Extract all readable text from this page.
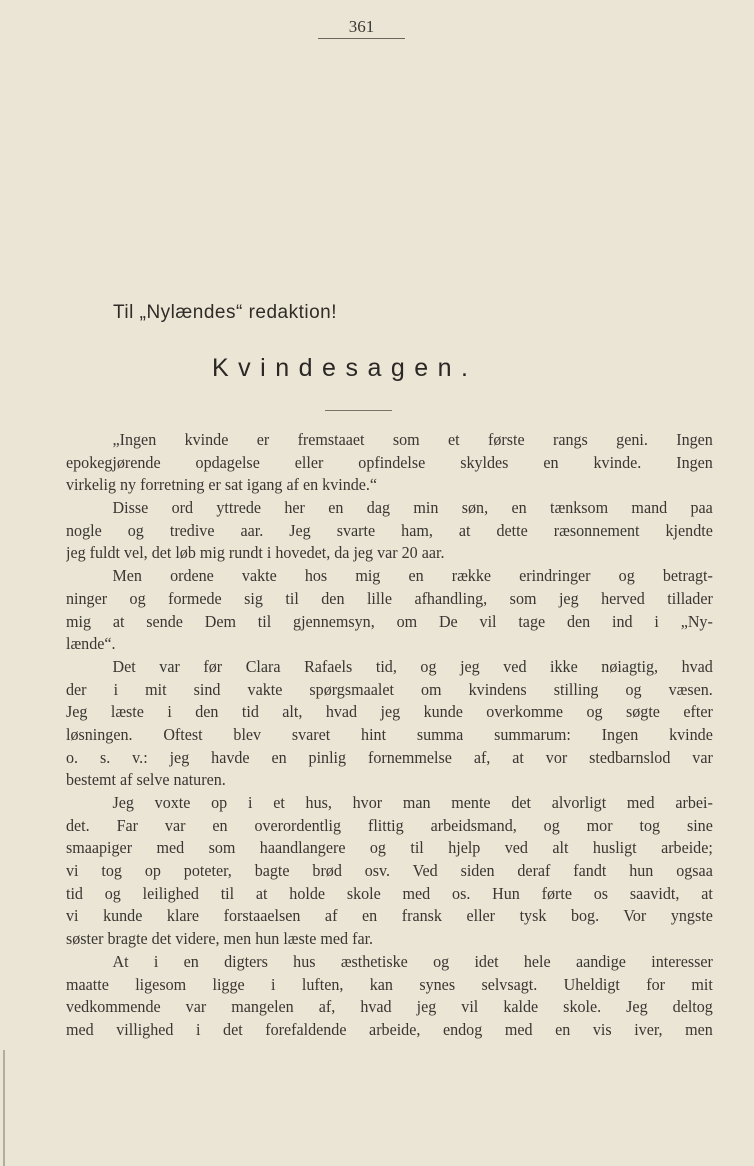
361
Til „Nylændes“ redaktion!
Kvindesagen.
„Ingen kvinde er fremstaaet som et første rangs geni. Ingen
epokegjørende opdagelse eller opfindelse skyldes en kvinde. Ingen
virkelig ny forretning er sat igang af en kvinde.“
Disse ord yttrede her en dag min søn, en tænksom mand paa
nogle og tredive aar. Jeg svarte ham, at dette ræsonnement kjendte
jeg fuldt vel, det løb mig rundt i hovedet, da jeg var 20 aar.
Men ordene vakte hos mig en række erindringer og betragt-
ninger og formede sig til den lille afhandling, som jeg herved tillader
mig at sende Dem til gjennemsyn, om De vil tage den ind i „Ny-
lænde“.
Det var før Clara Rafaels tid, og jeg ved ikke nøiagtig, hvad
der i mit sind vakte spørgsmaalet om kvindens stilling og væsen.
Jeg læste i den tid alt, hvad jeg kunde overkomme og søgte efter
løsningen. Oftest blev svaret hint summa summarum: Ingen kvinde
o. s. v.: jeg havde en pinlig fornemmelse af, at vor stedbarnslod var
bestemt af selve naturen.
Jeg voxte op i et hus, hvor man mente det alvorligt med arbei-
det. Far var en overordentlig flittig arbeidsmand, og mor tog sine
smaapiger med som haandlangere og til hjelp ved alt husligt arbeide;
vi tog op poteter, bagte brød osv. Ved siden deraf fandt hun ogsaa
tid og leilighed til at holde skole med os. Hun førte os saavidt, at
vi kunde klare forstaaelsen af en fransk eller tysk bog. Vor yngste
søster bragte det videre, men hun læste med far.
At i en digters hus æsthetiske og idet hele aandige interesser
maatte ligesom ligge i luften, kan synes selvsagt. Uheldigt for mit
vedkommende var mangelen af, hvad jeg vil kalde skole. Jeg deltog
med villighed i det forefaldende arbeide, endog med en vis iver, men
